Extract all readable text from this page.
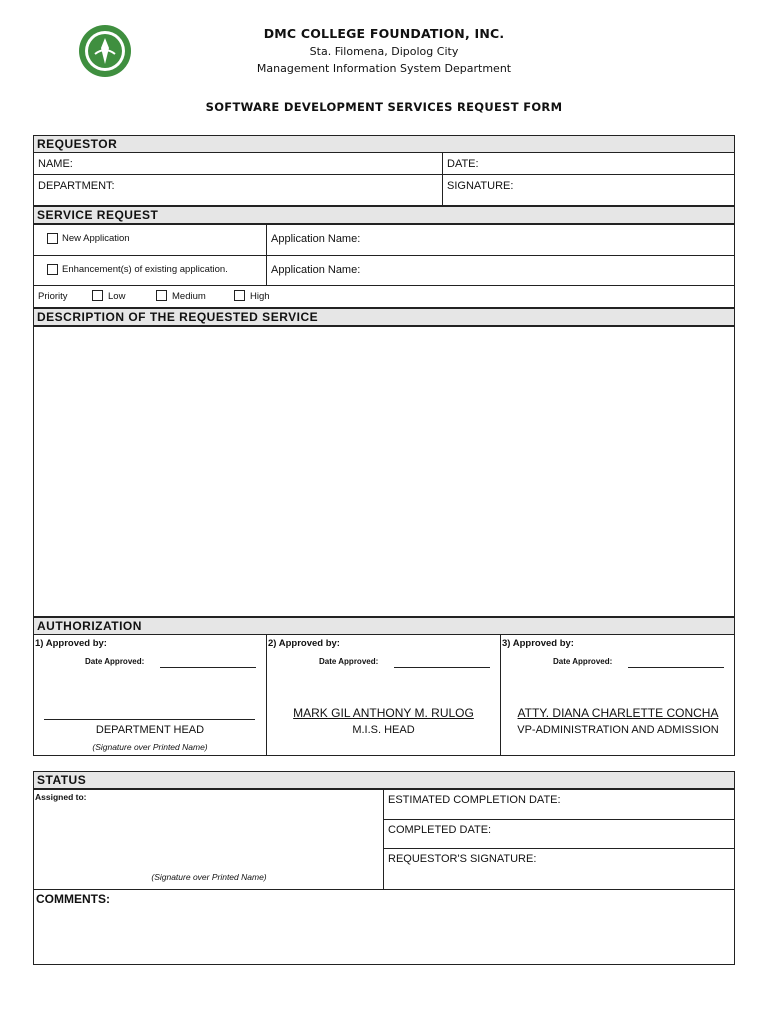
DMC COLLEGE FOUNDATION, INC.
Sta. Filomena, Dipolog City
Management Information System Department
SOFTWARE DEVELOPMENT SERVICES REQUEST FORM
REQUESTOR
NAME:	DATE:
DEPARTMENT:	SIGNATURE:
SERVICE REQUEST
New Application	Application Name:
Enhancement(s) of existing application.	Application Name:
Priority	Low	Medium	High
DESCRIPTION OF THE REQUESTED SERVICE
AUTHORIZATION
1) Approved by:
Date Approved:
DEPARTMENT HEAD
(Signature over Printed Name)
2) Approved by:
Date Approved:
MARK GIL ANTHONY M. RULOG
M.I.S. HEAD
3) Approved by:
Date Approved:
ATTY. DIANA CHARLETTE CONCHA
VP-ADMINISTRATION AND ADMISSION
STATUS
Assigned to:
(Signature over Printed Name)
ESTIMATED COMPLETION DATE:
COMPLETED DATE:
REQUESTOR'S SIGNATURE:
COMMENTS:
